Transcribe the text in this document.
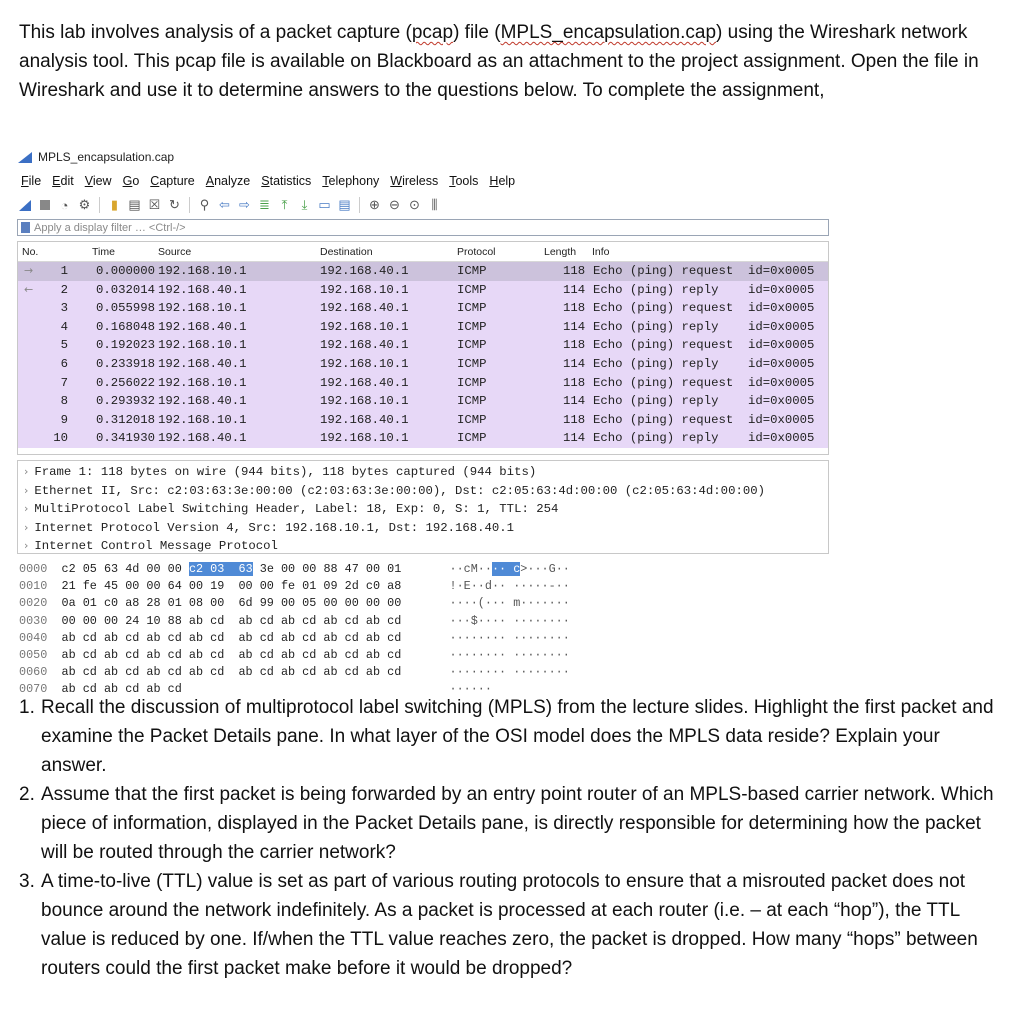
This lab involves analysis of a packet capture (pcap) file (MPLS_encapsulation.cap) using the Wireshark network analysis tool. This pcap file is available on Blackboard as an attachment to the project assignment. Open the file in Wireshark and use it to determine answers to the questions below. To complete the assignment,
MPLS_encapsulation.cap
File Edit View Go Capture Analyze Statistics Telephony Wireless Tools Help
◔ ⚙	▮ ▤ ☒ ↻ ⚲ ⇦ ⇨ ≣ ⤒	⤓ ▭ ▤ ⊕ ⊖ ⊙ ⫼
Apply a display filter … <Ctrl-/>
No.	Time	Source	Destination	Protocol	Length Info
→	1 0.000000 192.168.10.1	192.168.40.1	ICMP	118 Echo (ping) request  id=0x0005
←	2 0.032014 192.168.40.1	192.168.10.1	ICMP	114 Echo (ping) reply    id=0x0005
3 0.055998 192.168.10.1	192.168.40.1	ICMP	118 Echo (ping) request  id=0x0005
4 0.168048 192.168.40.1	192.168.10.1	ICMP	114 Echo (ping) reply    id=0x0005
5 0.192023 192.168.10.1	192.168.40.1	ICMP	118 Echo (ping) request  id=0x0005
6 0.233918 192.168.40.1	192.168.10.1	ICMP	114 Echo (ping) reply    id=0x0005
7 0.256022 192.168.10.1	192.168.40.1	ICMP	118 Echo (ping) request  id=0x0005
8 0.293932 192.168.40.1	192.168.10.1	ICMP	114 Echo (ping) reply    id=0x0005
9 0.312018 192.168.10.1	192.168.40.1	ICMP	118 Echo (ping) request  id=0x0005
10 0.341930 192.168.40.1	192.168.10.1	ICMP	114 Echo (ping) reply    id=0x0005
› Frame 1: 118 bytes on wire (944 bits), 118 bytes captured (944 bits)
› Ethernet II, Src: c2:03:63:3e:00:00 (c2:03:63:3e:00:00), Dst: c2:05:63:4d:00:00 (c2:05:63:4d:00:00)
› MultiProtocol Label Switching Header, Label: 18, Exp: 0, S: 1, TTL: 254
› Internet Protocol Version 4, Src: 192.168.10.1, Dst: 192.168.40.1
› Internet Control Message Protocol
0000  c2 05 63 4d 00 00 c2 03  63 3e 00 00 88 47 00 01	··cM···· c>···G··
0010  21 fe 45 00 00 64 00 19  00 00 fe 01 09 2d c0 a8	!·E··d·· ·····-··
0020  0a 01 c0 a8 28 01 08 00  6d 99 00 05 00 00 00 00	····(··· m·······
0030  00 00 00 24 10 88 ab cd  ab cd ab cd ab cd ab cd	···$···· ········
0040  ab cd ab cd ab cd ab cd  ab cd ab cd ab cd ab cd	········ ········
0050  ab cd ab cd ab cd ab cd  ab cd ab cd ab cd ab cd	········ ········
0060  ab cd ab cd ab cd ab cd  ab cd ab cd ab cd ab cd	········ ········
0070  ab cd ab cd ab cd	······
1. Recall the discussion of multiprotocol label switching (MPLS) from the lecture slides. Highlight the first packet and examine the Packet Details pane. In what layer of the OSI model does the MPLS data reside? Explain your answer.
2. Assume that the first packet is being forwarded by an entry point router of an MPLS-based carrier network. Which piece of information, displayed in the Packet Details pane, is directly responsible for determining how the packet will be routed through the carrier network?
3. A time-to-live (TTL) value is set as part of various routing protocols to ensure that a misrouted packet does not bounce around the network indefinitely. As a packet is processed at each router (i.e. – at each “hop”), the TTL value is reduced by one. If/when the TTL value reaches zero, the packet is dropped. How many “hops” between routers could the first packet make before it would be dropped?
